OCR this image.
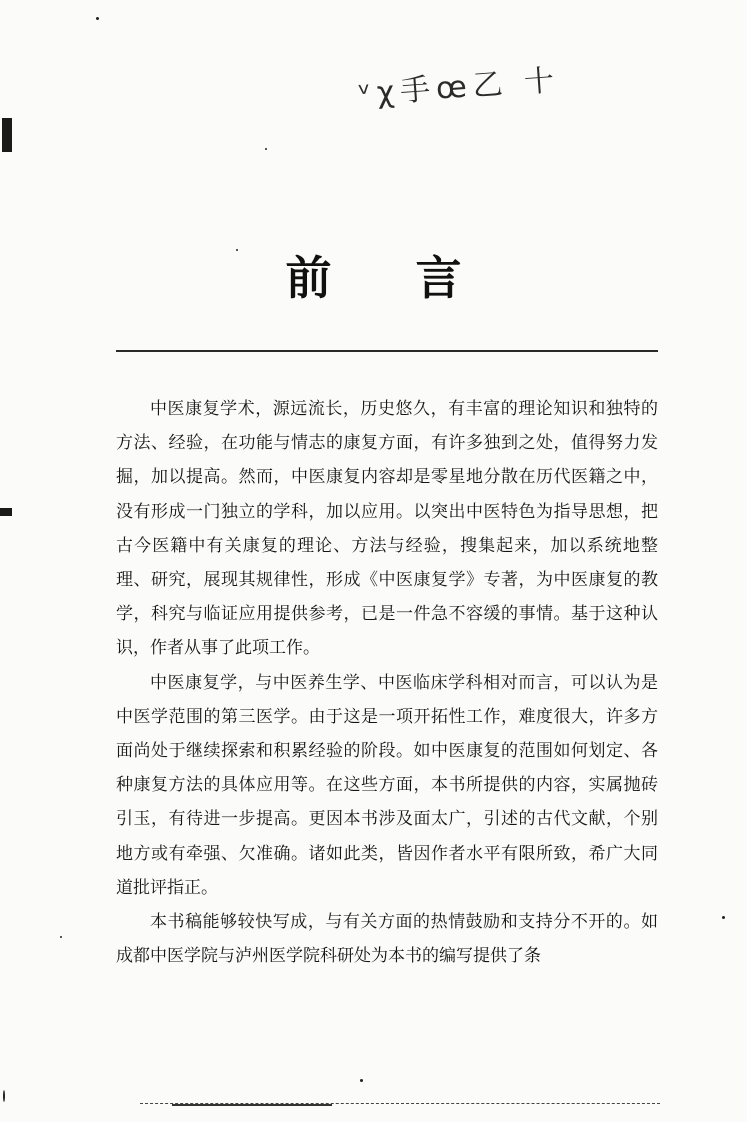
ᵛχ⼿œ⼄ ⼗
前 言

中医康复学术，源远流长，历史悠久，有丰富的理论知识和独特的方法、经验，在功能与情志的康复方面，有许多独到之处，值得努力发掘，加以提高。然而，中医康复内容却是零星地分散在历代医籍之中，没有形成一门独立的学科，加以应用。以突出中医特色为指导思想，把古今医籍中有关康复的理论、方法与经验，搜集起来，加以系统地整理、研究，展现其规律性，形成《中医康复学》专著，为中医康复的教学，科究与临证应用提供参考，已是一件急不容缓的事情。基于这种认识，作者从事了此项工作。

中医康复学，与中医养生学、中医临床学科相对而言，可以认为是中医学范围的第三医学。由于这是一项开拓性工作，难度很大，许多方面尚处于继续探索和积累经验的阶段。如中医康复的范围如何划定、各种康复方法的具体应用等。在这些方面，本书所提供的内容，实属抛砖引玉，有待进一步提高。更因本书涉及面太广，引述的古代文献，个别地方或有牵强、欠准确。诸如此类，皆因作者水平有限所致，希广大同道批评指正。

本书稿能够较快写成，与有关方面的热情鼓励和支持分不开的。如成都中医学院与泸州医学院科研处为本书的编写提供了条
